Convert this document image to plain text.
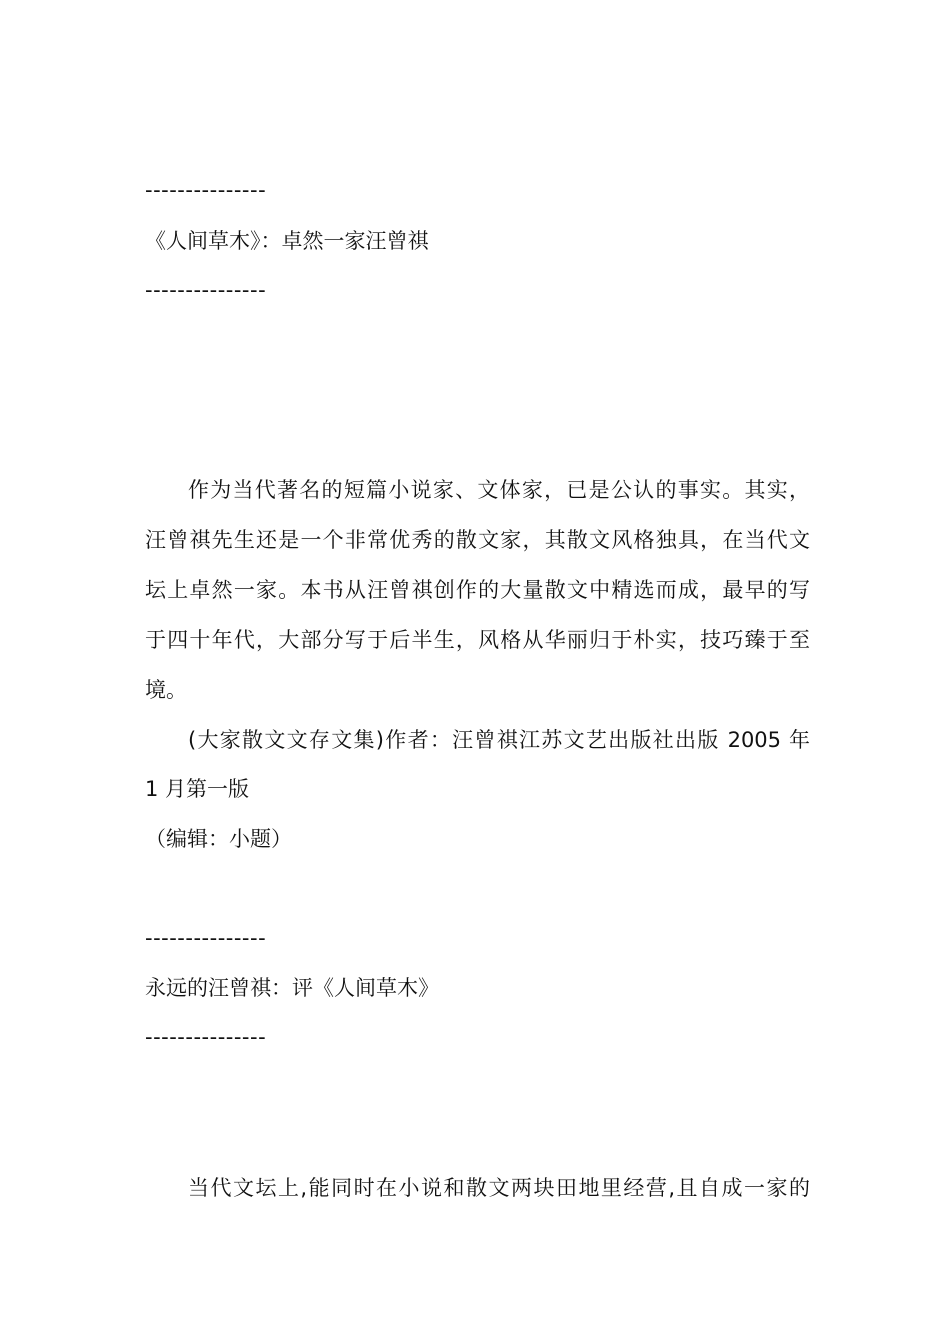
---------------
《人间草木》：卓然一家汪曾祺
---------------
作为当代著名的短篇小说家、文体家，已是公认的事实。其实，
汪曾祺先生还是一个非常优秀的散文家，其散文风格独具，在当代文
坛上卓然一家。本书从汪曾祺创作的大量散文中精选而成，最早的写
于四十年代，大部分写于后半生，风格从华丽归于朴实，技巧臻于至
境。
(大家散文文存文集)作者：汪曾祺江苏文艺出版社出版 2005 年
1 月第一版
（编辑：小题）
---------------
永远的汪曾祺：评《人间草木》
---------------
当代文坛上,能同时在小说和散文两块田地里经营,且自成一家的
